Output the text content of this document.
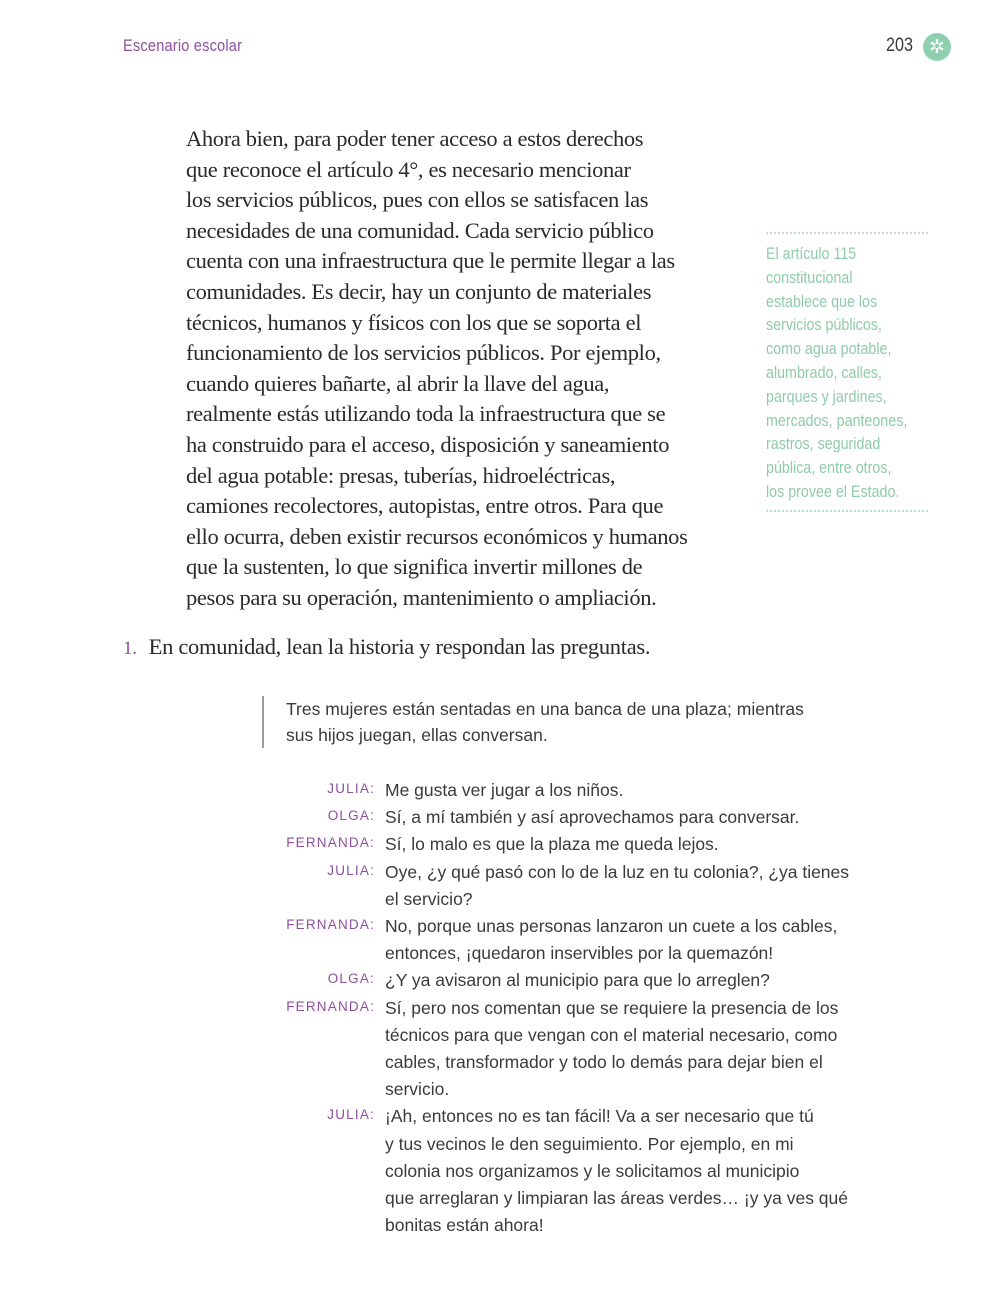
Escenario escolar	203 ✲
Ahora bien, para poder tener acceso a estos derechos
que reconoce el artículo 4°, es necesario mencionar
los servicios públicos, pues con ellos se satisfacen las
necesidades de una comunidad. Cada servicio público
cuenta con una infraestructura que le permite llegar a las
comunidades. Es decir, hay un conjunto de materiales
técnicos, humanos y físicos con los que se soporta el
funcionamiento de los servicios públicos. Por ejemplo,
cuando quieres bañarte, al abrir la llave del agua,
realmente estás utilizando toda la infraestructura que se
ha construido para el acceso, disposición y saneamiento
del agua potable: presas, tuberías, hidroeléctricas,
camiones recolectores, autopistas, entre otros. Para que
ello ocurra, deben existir recursos económicos y humanos
que la sustenten, lo que significa invertir millones de
pesos para su operación, mantenimiento o ampliación.
El artículo 115
constitucional
establece que los
servicios públicos,
como agua potable,
alumbrado, calles,
parques y jardines,
mercados, panteones,
rastros, seguridad
pública, entre otros,
los provee el Estado.
1. En comunidad, lean la historia y respondan las preguntas.
Tres mujeres están sentadas en una banca de una plaza; mientras
sus hijos juegan, ellas conversan.
JULIA: Me gusta ver jugar a los niños.
OLGA: Sí, a mí también y así aprovechamos para conversar.
FERNANDA: Sí, lo malo es que la plaza me queda lejos.
JULIA: Oye, ¿y qué pasó con lo de la luz en tu colonia?, ¿ya tienes
el servicio?
FERNANDA: No, porque unas personas lanzaron un cuete a los cables,
entonces, ¡quedaron inservibles por la quemazón!
OLGA: ¿Y ya avisaron al municipio para que lo arreglen?
FERNANDA: Sí, pero nos comentan que se requiere la presencia de los
técnicos para que vengan con el material necesario, como
cables, transformador y todo lo demás para dejar bien el
servicio.
JULIA: ¡Ah, entonces no es tan fácil! Va a ser necesario que tú
y tus vecinos le den seguimiento. Por ejemplo, en mi
colonia nos organizamos y le solicitamos al municipio
que arreglaran y limpiaran las áreas verdes… ¡y ya ves qué
bonitas están ahora!
